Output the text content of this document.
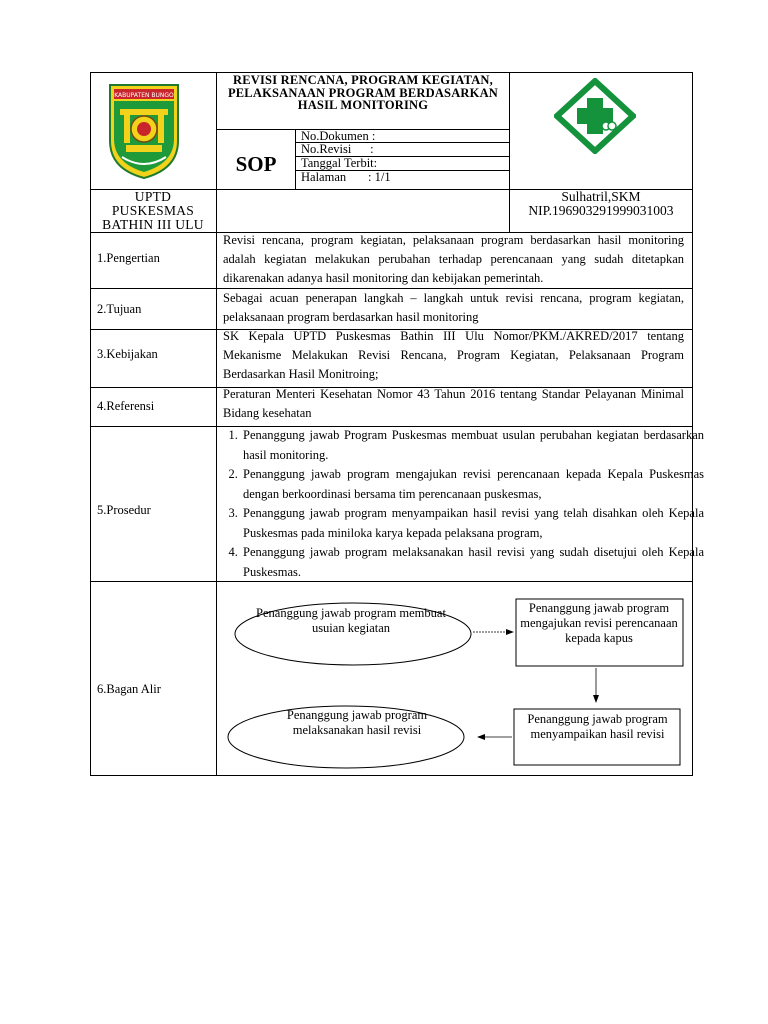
KABUPATEN BUNGO
REVISI RENCANA, PROGRAM KEGIATAN, PELAKSANAAN PROGRAM BERDASARKAN HASIL MONITORING
SOP
No.Dokumen :
No.Revisi      :
Tanggal Terbit:
Halaman       : 1/1
UPTD PUSKESMAS BATHIN III ULU
Sulhatril,SKM
NIP.196903291999031003
1.Pengertian
Revisi rencana, program kegiatan, pelaksanaan program berdasarkan hasil monitoring adalah kegiatan melakukan perubahan terhadap perencanaan yang sudah ditetapkan dikarenakan adanya hasil monitoring dan kebijakan pemerintah.
2.Tujuan
Sebagai acuan penerapan langkah – langkah untuk revisi rencana, program kegiatan, pelaksanaan program berdasarkan hasil monitoring
3.Kebijakan
SK Kepala UPTD Puskesmas Bathin III Ulu Nomor/PKM./AKRED/2017 tentang Mekanisme Melakukan Revisi Rencana, Program Kegiatan, Pelaksanaan Program Berdasarkan Hasil Monitroing;
4.Referensi
Peraturan Menteri Kesehatan Nomor 43 Tahun 2016 tentang Standar Pelayanan Minimal Bidang kesehatan
5.Prosedur
1. Penanggung jawab Program Puskesmas membuat usulan perubahan kegiatan berdasarkan hasil monitoring.
2. Penanggung jawab program mengajukan revisi perencanaan kepada Kepala Puskesmas dengan berkoordinasi bersama tim perencanaan puskesmas,
3. Penanggung jawab program menyampaikan hasil revisi yang telah disahkan oleh Kepala Puskesmas pada miniloka karya kepada pelaksana program,
4. Penanggung jawab program melaksanakan hasil revisi yang sudah disetujui oleh Kepala Puskesmas.
6.Bagan Alir
Penanggung jawab program membuat usuian kegiatan
Penanggung jawab program mengajukan revisi perencanaan kepada kapus
Penanggung jawab program menyampaikan hasil revisi
Penanggung jawab program melaksanakan hasil revisi
